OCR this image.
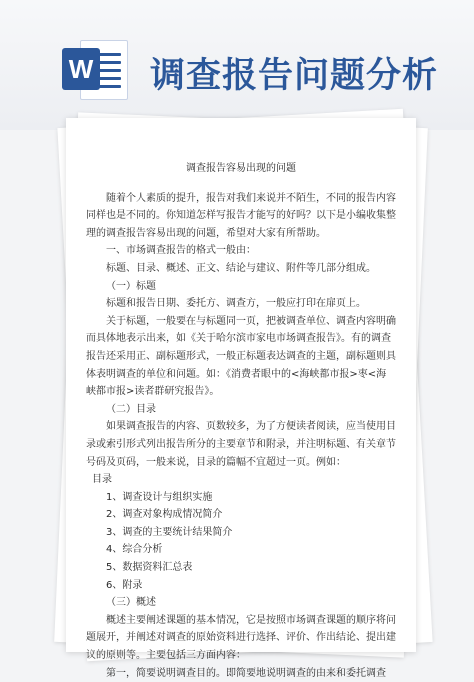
W 调查报告问题分析
调查报告容易出现的问题

随着个人素质的提升，报告对我们来说并不陌生，不同的报告内容同样也是不同的。你知道怎样写报告才能写的好吗？以下是小编收集整理的调查报告容易出现的问题，希望对大家有所帮助。

一、市场调查报告的格式一般由：

标题、目录、概述、正文、结论与建议、附件等几部分组成。

（一）标题

标题和报告日期、委托方、调查方，一般应打印在扉页上。

关于标题，一般要在与标题同一页，把被调查单位、调查内容明确而具体地表示出来，如《关于哈尔滨市家电市场调查报告》。有的调查报告还采用正、副标题形式，一般正标题表达调查的主题，副标题则具体表明调查的单位和问题。如：《消费者眼中的<海峡都市报>枣<海峡都市报>读者群研究报告》。

（二）目录

如果调查报告的内容、页数较多，为了方便读者阅读，应当使用目录或索引形式列出报告所分的主要章节和附录，并注明标题、有关章节号码及页码，一般来说，目录的篇幅不宜超过一页。例如：

目录

1、调查设计与组织实施

2、调查对象构成情况简介

3、调查的主要统计结果简介

4、综合分析

5、数据资料汇总表

6、附录

（三）概述

概述主要阐述课题的基本情况，它是按照市场调查课题的顺序将问题展开，并阐述对调查的原始资料进行选择、评价、作出结论、提出建议的原则等。主要包括三方面内容：

第一，简要说明调查目的。即简要地说明调查的由来和委托调查
